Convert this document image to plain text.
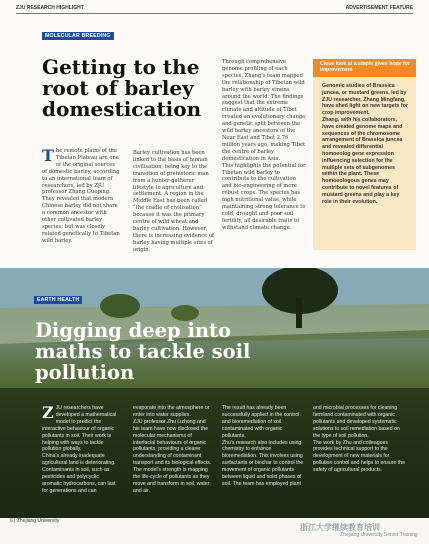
ZJU RESEARCH HIGHLIGHT	ADVERTISEMENT FEATURE
MOLECULAR BREEDING
Getting to the root of barley domestication

The remote plains of the Tibetan Plateau are one of the original sources of domestic barley, according to an international team of researchers, led by ZJU professor Zhang Guoping. They revealed that modern Chinese barley did not share a common ancestor with other cultivated barley species; but was closely related genetically to Tibetan wild barley.

Barley cultivation has been linked to the basis of human civilisation, being key to the transition of prehistoric man from a hunter-gatherer lifestyle to agriculture and settlement. A region in the Middle East has been called “the cradle of civilisation” because it was the primary centre of wild wheat and barley cultivation. However, there is increasing evidence of barley having multiple sites of origin.

Through comprehensive genome profiling of each species, Zhang's team mapped the relationship of Tibetan wild barley with barley strains around the world. The findings suggest that the extreme climate and altitude of Tibet created an evolutionary change and genetic split between the wild barley ancestors of the Near East and Tibet 2.76 million years ago, making Tibet the centre of barley domestication in Asia.
This highlights the potential for Tibetan wild barley to contribute to the cultivation and bio-engineering of more robust crops. The species has high nutritional value, while maintaining strong tolerance to cold, drought and poor soil fertility, all desirable traits to withstand climate change.

Close look at a staple gives hope for improvement

Genomic studies of Brassica juncea, or mustard greens, led by ZJU researcher, Zhang Mingfang, have shed light on new targets for crop improvement.
Zhang, with his collaborators, have created genome maps and sequences of the chromosome arrangement of Brassica juncea and revealed differential homoeolog gene expression influencing selection for the multiple sets of subgenomes within the plant. These homoeologous genes may contribute to novel features of mustard greens and play a key role in their evolution.

EARTH HEALTH
Digging deep into maths to tackle soil pollution

ZJU researchers have developed a mathematical model to predict the interactive behaviour of organic pollutants in soil. Their work is helping with ways to tackle pollution globally.
China's already inadequate agricultural land is deteriorating. Contaminants in soil, such as pesticides and polycyclic aromatic hydrocarbons, can last for generations and can

evaporate into the atmosphere or enter into water supplies.
ZJU professor Zhu Lizhong and his team have now disclosed the molecular mechanisms of interfacial behaviours of organic pollutants, providing a clearer understanding of contaminant transport and its biological effects. The model's strength is mapping the life-cycle of pollutants as they move and transform in soil, water and air.

The result has already been successfully applied in the control and bioremediation of soil contaminated with organic pollutants.
Zhu's research also includes using chemistry to enhance bioremediation. This involves using surfactants or biochar to control the movement of organic pollutants between liquid and solid phases of soil. The team has employed plant

and microbial processes for cleaning farmland contaminated with organic pollutants and developed systematic solutions to soil remediation based on the type of soil pollution.
The work by Zhu and colleagues provides technical support to the development of new materials for pollution control and helps to ensure the safety of agricultural products.

6 | Zhejiang University
浙江大学继续教育培训
Zhejiang University Senior Training
